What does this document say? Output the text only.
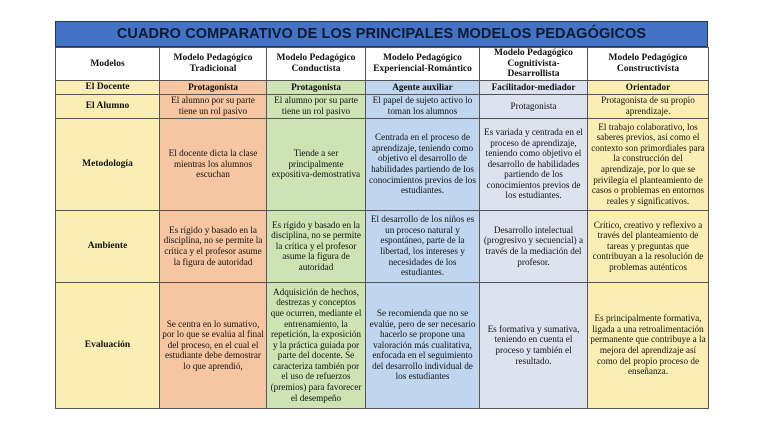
CUADRO COMPARATIVO DE LOS PRINCIPALES MODELOS PEDAGÓGICOS
Modelos	Modelo Pedagógico Tradicional	Modelo Pedagógico Conductista	Modelo Pedagógico Experiencial-Romántico	Modelo Pedagógico Cognitivista-Desarrollista	Modelo Pedagógico Constructivista
El Docente	Protagonista	Protagonista	Agente auxiliar	Facilitador-mediador	Orientador
El Alumno	El alumno por su parte tiene un rol pasivo	El alumno por su parte tiene un rol pasivo	El papel de sujeto activo lo toman los alumnos	Protagonista	Protagonista de su propio aprendizaje.
Metodología	El docente dicta la clase mientras los alumnos escuchan	Tiende a ser principalmente expositiva-demostrativa	Centrada en el proceso de aprendizaje, teniendo como objetivo el desarrollo de habilidades partiendo de los conocimientos previos de los estudiantes.	Es variada y centrada en el proceso de aprendizaje, teniendo como objetivo el desarrollo de habilidades partiendo de los conocimientos previos de los estudiantes.	El trabajo colaborativo, los saberes previos, así como el contexto son primordiales para la construcción del aprendizaje, por lo que se privilegia el planteamiento de casos o problemas en entornos reales y significativos.
Ambiente	Es rígido y basado en la disciplina, no se permite la crítica y el profesor asume la figura de autoridad	Es rígido y basado en la disciplina, no se permite la crítica y el profesor asume la figura de autoridad	El desarrollo de los niños es un proceso natural y espontáneo, parte de la libertad, los intereses y necesidades de los estudiantes.	Desarrollo intelectual (progresivo y secuencial) a través de la mediación del profesor.	Crítico, creativo y reflexivo a través del planteamiento de tareas y preguntas que contribuyan a la resolución de problemas auténticos
Evaluación	Se centra en lo sumativo, por lo que se evalúa al final del proceso, en el cual el estudiante debe demostrar lo que aprendió,	Adquisición de hechos, destrezas y conceptos que ocurren, mediante el entrenamiento, la repetición, la exposición y la práctica guiada por parte del docente. Se caracteriza también por el uso de refuerzos (premios) para favorecer el desempeño	Se recomienda que no se evalúe, pero de ser necesario hacerlo se propone una valoración más cualitativa, enfocada en el seguimiento del desarrollo individual de los estudiantes	Es formativa y sumativa, teniendo en cuenta el proceso y también el resultado.	Es principalmente formativa, ligada a una retroalimentación permanente que contribuye a la mejora del aprendizaje así como del propio proceso de enseñanza.
